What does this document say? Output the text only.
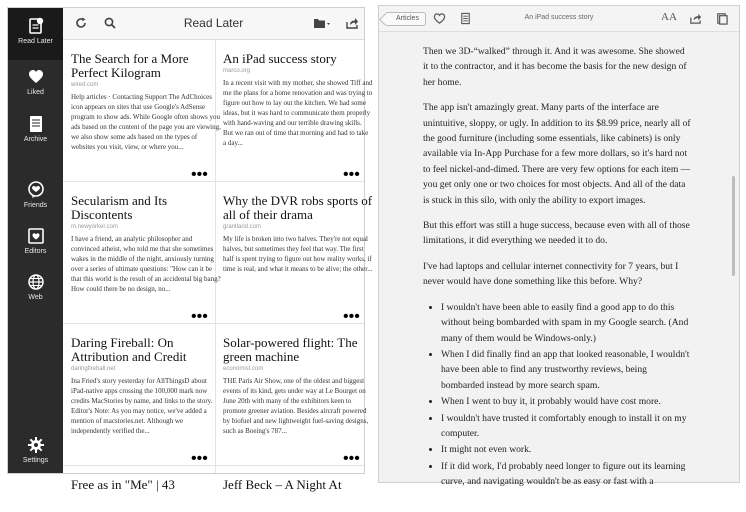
Read Later
Liked
Archive
Friends
Editors
Web
Settings
Read Later
The Search for a More Perfect Kilogram
wired.com
Help articles · Contacting Support The AdChoices icon appears on sites that use Google's AdSense program to show ads. While Google often shows you ads based on the content of the page you are viewing, we also show some ads based on the types of websites you visit, view, or where you...
•••
An iPad success story
marco.org
In a recent visit with my mother, she showed Tiff and me the plans for a home renovation and was trying to figure out how to lay out the kitchen. We had some ideas, but it was hard to communicate them properly with hand-waving and our terrible drawing skills. But we ran out of time that morning and had to take a day...
•••
Secularism and Its Discontents
m.newyorker.com
I have a friend, an analytic philosopher and convinced atheist, who told me that she sometimes wakes in the middle of the night, anxiously turning over a series of ultimate questions: "How can it be that this world is the result of an accidental big bang? How could there be no design, no...
•••
Why the DVR robs sports of all of their drama
grantland.com
My life is broken into two halves. They're not equal halves, but sometimes they feel that way. The first half is spent trying to figure out how reality works, if time is real, and what it means to be alive; the other...
•••
Daring Fireball: On Attribution and Credit
daringfireball.net
Ina Fried's story yesterday for AllThingsD about iPad-native apps crossing the 100,000 mark now credits MacStories by name, and links to the story. Editor's Note: As you may notice, we've added a mention of macstories.net. Although we independently verified the...
•••
Solar-powered flight: The green machine
economist.com
THE Paris Air Show, one of the oldest and biggest events of its kind, gets under way at Le Bourget on June 20th with many of the exhibitors keen to promote greener aviation. Besides aircraft powered by biofuel and new lightweight fuel-saving designs, such as Boeing's 787...
•••
Free as in "Me" | 43	Jeff Beck – A Night At
Articles	An iPad success story	AA

Then we 3D-“walked” through it. And it was awesome. She showed it to the contractor, and it has become the basis for the new design of her home.

The app isn't amazingly great. Many parts of the interface are unintuitive, sloppy, or ugly. In addition to its $8.99 price, nearly all of the good furniture (including some essentials, like cabinets) is only available via In-App Purchase for a few more dollars, so it's hard not to feel nickel-and-dimed. There are very few options for each item — you get only one or two choices for most objects. And all of the data is stuck in this silo, with only the ability to export images.

But this effort was still a huge success, because even with all of those limitations, it did everything we needed it to do.

I've had laptops and cellular internet connectivity for 7 years, but I never would have done something like this before. Why?

• I wouldn't have been able to easily find a good app to do this without being bombarded with spam in my Google search. (And many of them would be Windows-only.)
• When I did finally find an app that looked reasonable, I wouldn't have been able to find any trustworthy reviews, being bombarded instead by more search spam.
• When I went to buy it, it probably would have cost more.
• I wouldn't have trusted it comfortably enough to install it on my computer.
• It might not even work.
• If it did work, I'd probably need longer to figure out its learning curve, and navigating wouldn't be as easy or fast with a
